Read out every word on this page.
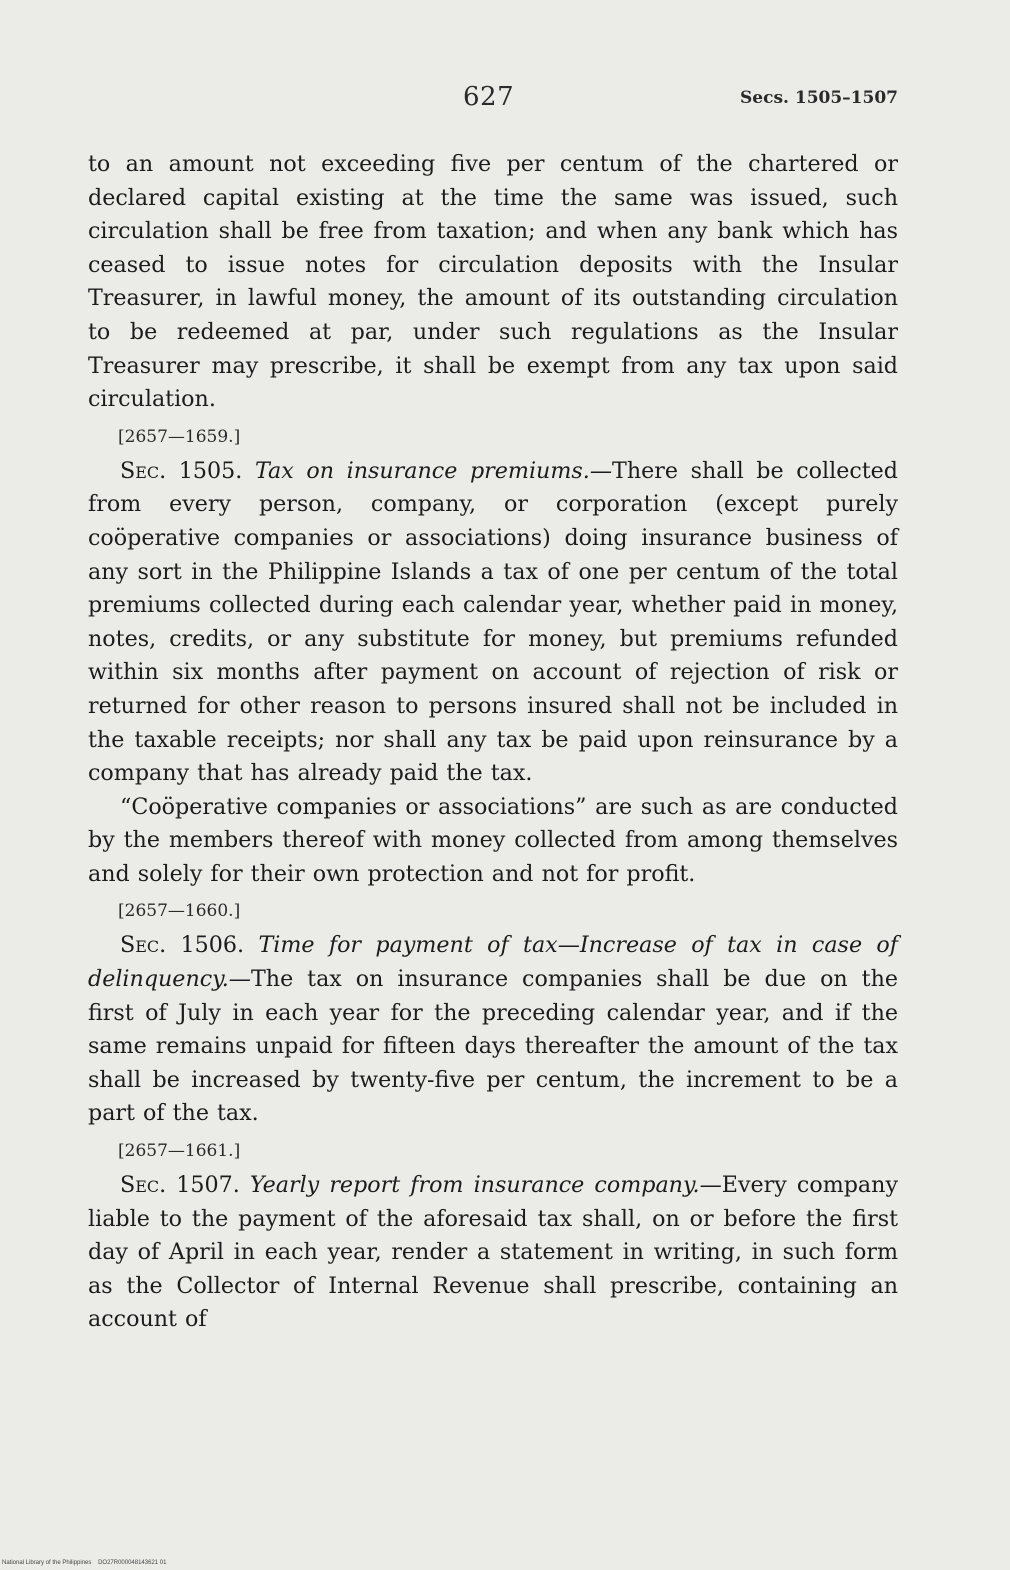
627	Secs. 1505–1507

to an amount not exceeding five per centum of the chartered or declared capital existing at the time the same was issued, such circulation shall be free from taxation; and when any bank which has ceased to issue notes for circulation deposits with the Insular Treasurer, in lawful money, the amount of its outstanding circulation to be redeemed at par, under such regulations as the Insular Treasurer may prescribe, it shall be exempt from any tax upon said circulation.

[2657—1659.]

Sec. 1505. Tax on insurance premiums.—There shall be collected from every person, company, or corporation (except purely coöperative companies or associations) doing insurance business of any sort in the Philippine Islands a tax of one per centum of the total premiums collected during each calendar year, whether paid in money, notes, credits, or any substitute for money, but premiums refunded within six months after payment on account of rejection of risk or returned for other reason to persons insured shall not be included in the taxable receipts; nor shall any tax be paid upon reinsurance by a company that has already paid the tax.

“Coöperative companies or associations” are such as are conducted by the members thereof with money collected from among themselves and solely for their own protection and not for profit.

[2657—1660.]

Sec. 1506. Time for payment of tax—Increase of tax in case of delinquency.—The tax on insurance companies shall be due on the first of July in each year for the preceding calendar year, and if the same remains unpaid for fifteen days thereafter the amount of the tax shall be increased by twenty-five per centum, the increment to be a part of the tax.

[2657—1661.]

Sec. 1507. Yearly report from insurance company.—Every company liable to the payment of the aforesaid tax shall, on or before the first day of April in each year, render a statement in writing, in such form as the Collector of Internal Revenue shall prescribe, containing an account of

National Library of the Philippines DO27R000048143621 01
